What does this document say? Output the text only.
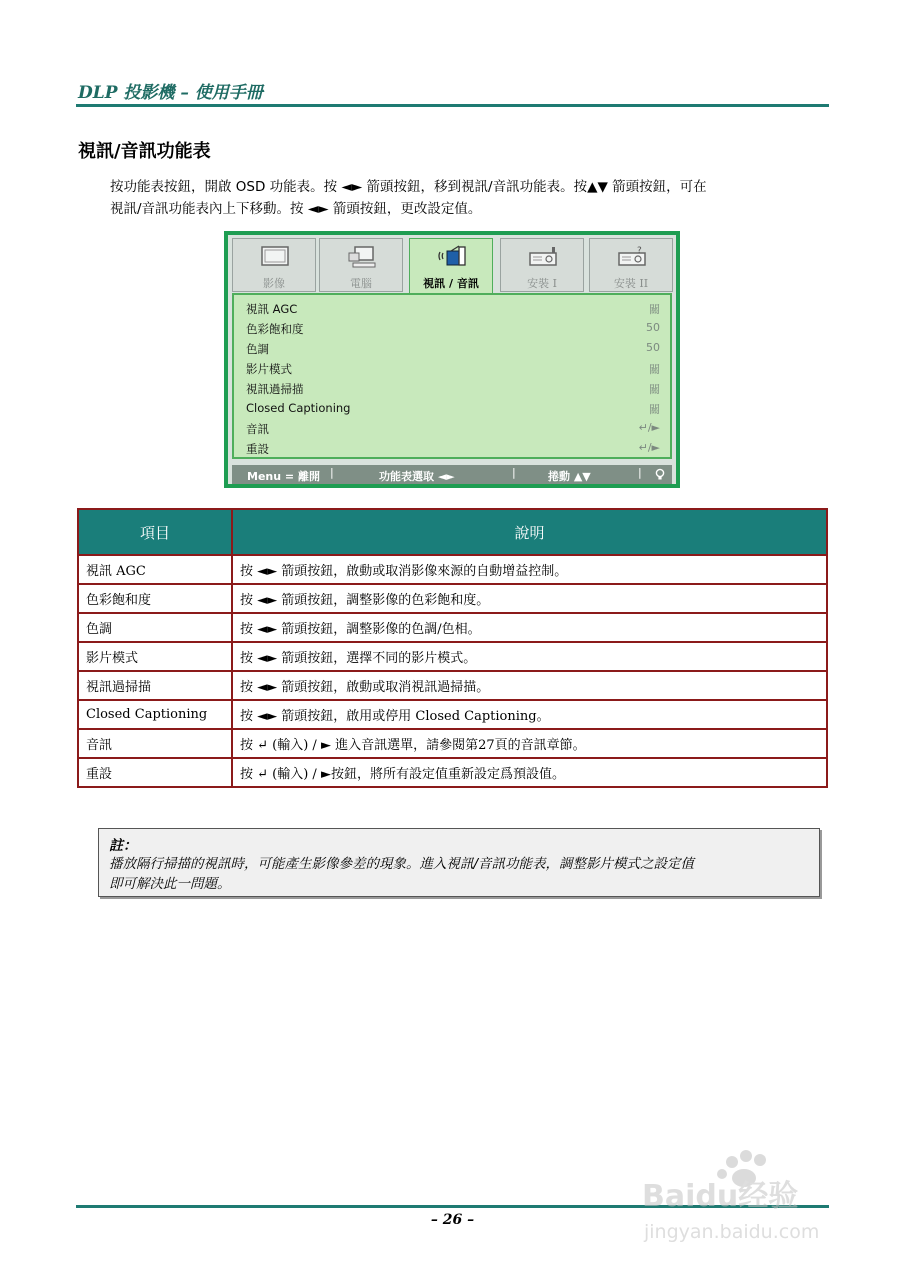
DLP 投影機 – 使用手冊
視訊/音訊功能表
按功能表按鈕，開啟 OSD 功能表。按 ◄► 箭頭按鈕，移到視訊/音訊功能表。按▲▼ 箭頭按鈕，可在
視訊/音訊功能表內上下移動。按 ◄► 箭頭按鈕，更改設定值。
影像	電腦	視訊 / 音訊	安裝 I
?
安裝 II
視訊 AGC	關
色彩飽和度	50
色調	50
影片模式	關
視訊過掃描	關
Closed Captioning	關
音訊	↵/►
重設	↵/►
Menu = 離開 |	功能表選取 ◄►	|	捲動 ▲▼	|
項目	說明
視訊 AGC	按 ◄► 箭頭按鈕，啟動或取消影像來源的自動增益控制。
色彩飽和度	按 ◄► 箭頭按鈕，調整影像的色彩飽和度。
色調	按 ◄► 箭頭按鈕，調整影像的色調/色相。
影片模式	按 ◄► 箭頭按鈕，選擇不同的影片模式。
視訊過掃描	按 ◄► 箭頭按鈕，啟動或取消視訊過掃描。
Closed Captioning	按 ◄► 箭頭按鈕，啟用或停用 Closed Captioning。
音訊	按 ↵ (輸入) / ► 進入音訊選單，請參閱第27頁的音訊章節。
重設	按 ↵ (輸入) / ►按鈕，將所有設定值重新設定爲預設值。
註：
播放隔行掃描的視訊時，可能產生影像參差的現象。進入視訊/音訊功能表，調整影片模式之設定值
即可解決此一問題。
– 26 –
Baidu经验
jingyan.baidu.com
